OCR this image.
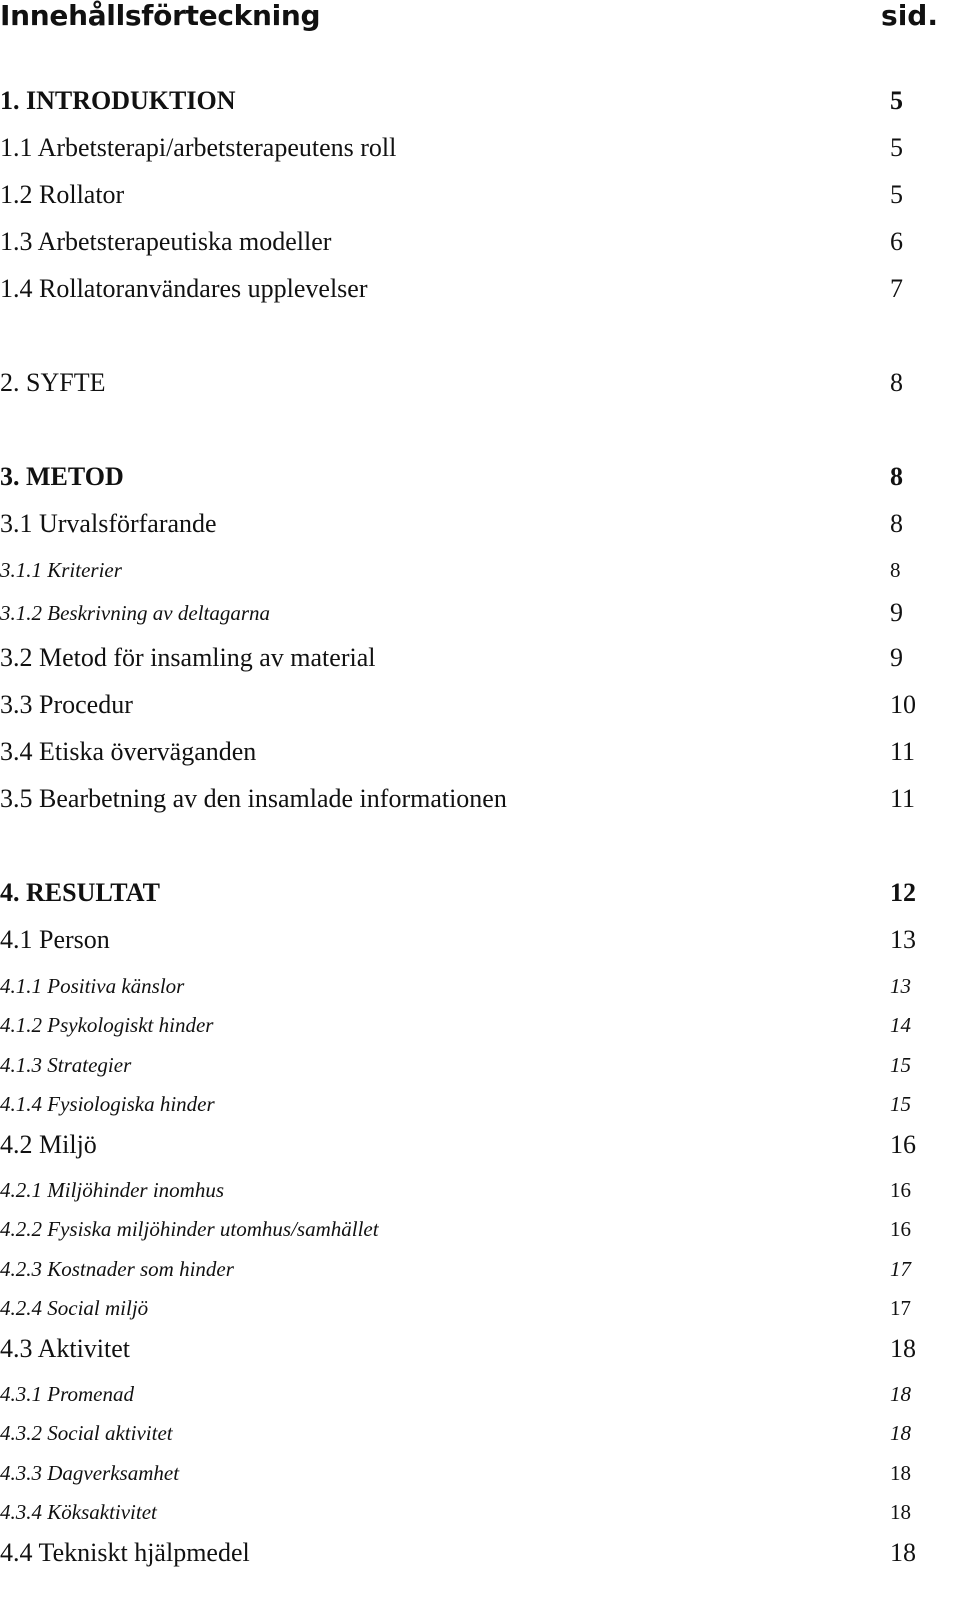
Innehållsförteckning	sid.
1. INTRODUKTION	5
1.1 Arbetsterapi/arbetsterapeutens roll	5
1.2 Rollator	5
1.3 Arbetsterapeutiska modeller	6
1.4 Rollatoranvändares upplevelser	7
2. SYFTE	8
3. METOD	8
3.1 Urvalsförfarande	8
3.1.1 Kriterier	8
3.1.2 Beskrivning av deltagarna	9
3.2 Metod för insamling av material	9
3.3 Procedur	10
3.4 Etiska överväganden	11
3.5 Bearbetning av den insamlade informationen	11
4. RESULTAT	12
4.1 Person	13
4.1.1 Positiva känslor	13
4.1.2 Psykologiskt hinder	14
4.1.3 Strategier	15
4.1.4 Fysiologiska hinder	15
4.2 Miljö	16
4.2.1 Miljöhinder inomhus	16
4.2.2 Fysiska miljöhinder utomhus/samhället	16
4.2.3 Kostnader som hinder	17
4.2.4 Social miljö	17
4.3 Aktivitet	18
4.3.1 Promenad	18
4.3.2 Social aktivitet	18
4.3.3 Dagverksamhet	18
4.3.4 Köksaktivitet	18
4.4 Tekniskt hjälpmedel	18
